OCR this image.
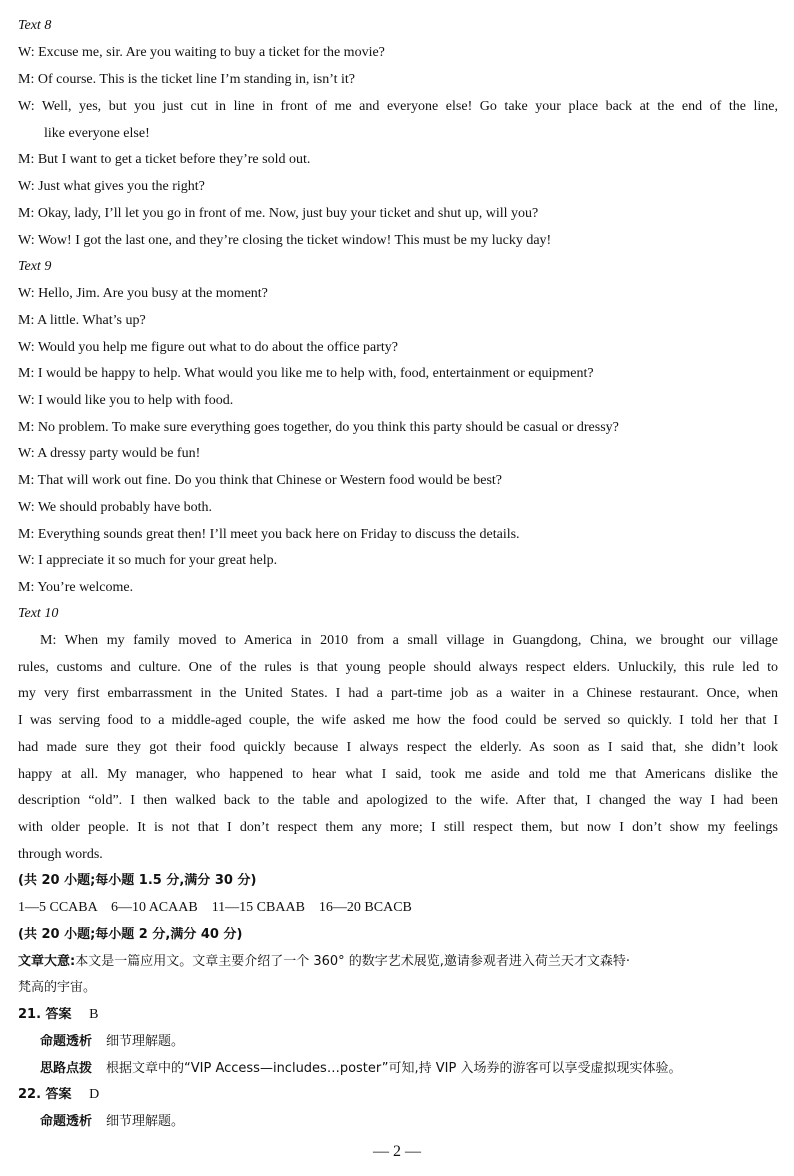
Text 8
W: Excuse me, sir. Are you waiting to buy a ticket for the movie?
M: Of course. This is the ticket line I’m standing in, isn’t it?
W: Well, yes, but you just cut in line in front of me and everyone else! Go take your place back at the end of the line,
like everyone else!
M: But I want to get a ticket before they’re sold out.
W: Just what gives you the right?
M: Okay, lady, I’ll let you go in front of me. Now, just buy your ticket and shut up, will you?
W: Wow! I got the last one, and they’re closing the ticket window! This must be my lucky day!
Text 9
W: Hello, Jim. Are you busy at the moment?
M: A little. What’s up?
W: Would you help me figure out what to do about the office party?
M: I would be happy to help. What would you like me to help with, food, entertainment or equipment?
W: I would like you to help with food.
M: No problem. To make sure everything goes together, do you think this party should be casual or dressy?
W: A dressy party would be fun!
M: That will work out fine. Do you think that Chinese or Western food would be best?
W: We should probably have both.
M: Everything sounds great then! I’ll meet you back here on Friday to discuss the details.
W: I appreciate it so much for your great help.
M: You’re welcome.
Text 10
M: When my family moved to America in 2010 from a small village in Guangdong, China, we brought our village
rules, customs and culture. One of the rules is that young people should always respect elders. Unluckily, this rule led to
my very first embarrassment in the United States. I had a part-time job as a waiter in a Chinese restaurant. Once, when
I was serving food to a middle-aged couple, the wife asked me how the food could be served so quickly. I told her that I
had made sure they got their food quickly because I always respect the elderly. As soon as I said that, she didn’t look
happy at all. My manager, who happened to hear what I said, took me aside and told me that Americans dislike the
description “old”. I then walked back to the table and apologized to the wife. After that, I changed the way I had been
with older people. It is not that I don’t respect them any more; I still respect them, but now I don’t show my feelings
through words.
(共 20 小题;每小题 1.5 分,满分 30 分)
1—5 CCABA    6—10 ACAAB    11—15 CBAAB    16—20 BCACB
(共 20 小题;每小题 2 分,满分 40 分)
文章大意:本文是一篇应用文。文章主要介绍了一个 360° 的数字艺术展览,邀请参观者进入荷兰天才文森特·
梵高的宇宙。
21. 答案 B
命题透析 细节理解题。
思路点拨 根据文章中的“VIP Access—includes…poster”可知,持 VIP 入场券的游客可以享受虚拟现实体验。
22. 答案 D
命题透析 细节理解题。
— 2 —
